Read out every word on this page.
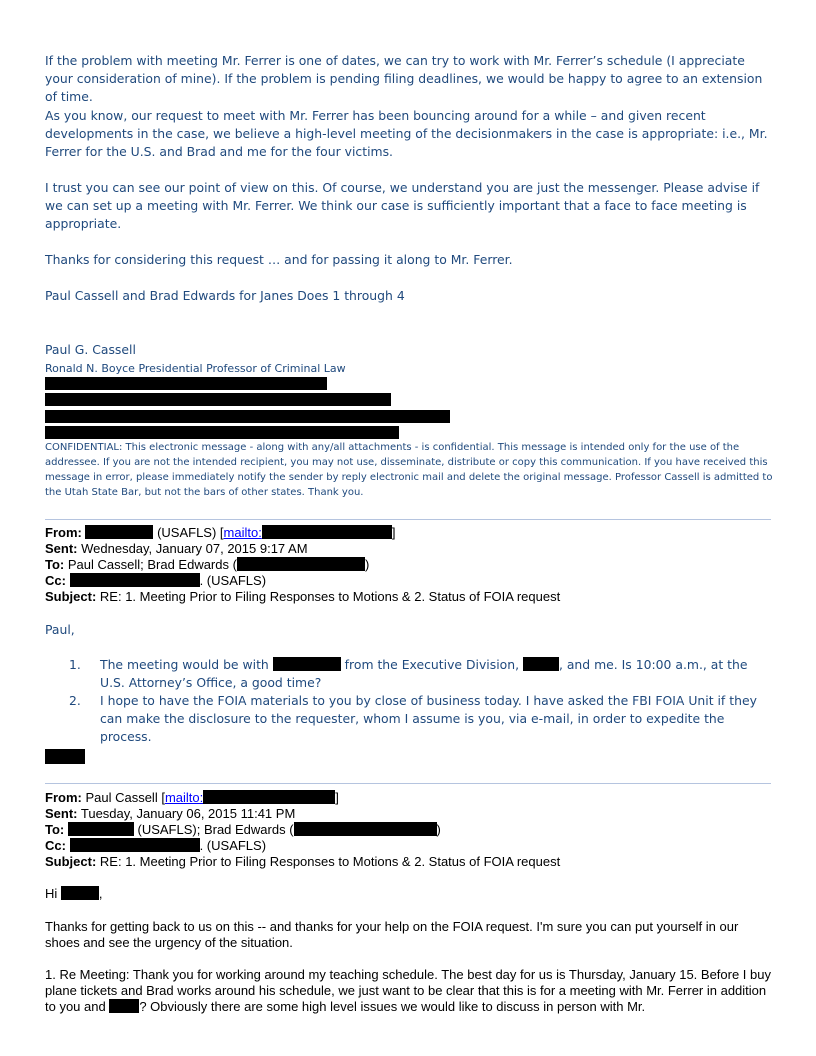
If the problem with meeting Mr. Ferrer is one of dates, we can try to work with Mr. Ferrer’s schedule (I appreciate your consideration of mine). If the problem is pending filing deadlines, we would be happy to agree to an extension of time.

As you know, our request to meet with Mr. Ferrer has been bouncing around for a while – and given recent developments in the case, we believe a high-level meeting of the decisionmakers in the case is appropriate: i.e., Mr. Ferrer for the U.S. and Brad and me for the four victims.

I trust you can see our point of view on this. Of course, we understand you are just the messenger. Please advise if we can set up a meeting with Mr. Ferrer. We think our case is sufficiently important that a face to face meeting is appropriate.

Thanks for considering this request … and for passing it along to Mr. Ferrer.

Paul Cassell and Brad Edwards for Janes Does 1 through 4

Paul G. Cassell

Ronald N. Boyce Presidential Professor of Criminal Law

CONFIDENTIAL: This electronic message - along with any/all attachments - is confidential. This message is intended only for the use of the addressee. If you are not the intended recipient, you may not use, disseminate, distribute or copy this communication. If you have received this message in error, please immediately notify the sender by reply electronic mail and delete the original message. Professor Cassell is admitted to the Utah State Bar, but not the bars of other states. Thank you.

From:	(USAFLS) [mailto:	]
Sent: Wednesday, January 07, 2015 9:17 AM
To: Paul Cassell; Brad Edwards (	)
Cc:	. (USAFLS)
Subject: RE: 1. Meeting Prior to Filing Responses to Motions & 2. Status of FOIA request

Paul,

1. The meeting would be with	from the Executive Division,	, and me. Is 10:00 a.m., at the U.S. Attorney’s Office, a good time?
2. I hope to have the FOIA materials to you by close of business today. I have asked the FBI FOIA Unit if they can make the disclosure to the requester, whom I assume is you, via e-mail, in order to expedite the process.
From: Paul Cassell [mailto:	]
Sent: Tuesday, January 06, 2015 11:41 PM
To:	(USAFLS); Brad Edwards (	)
Cc:	. (USAFLS)
Subject: RE: 1. Meeting Prior to Filing Responses to Motions & 2. Status of FOIA request

Hi	,

Thanks for getting back to us on this -- and thanks for your help on the FOIA request. I'm sure you can put yourself in our shoes and see the urgency of the situation.

1. Re Meeting: Thank you for working around my teaching schedule. The best day for us is Thursday, January 15. Before I buy plane tickets and Brad works around his schedule, we just want to be clear that this is for a meeting with Mr. Ferrer in addition to you and ? Obviously there are some high level issues we would like to discuss in person with Mr.
